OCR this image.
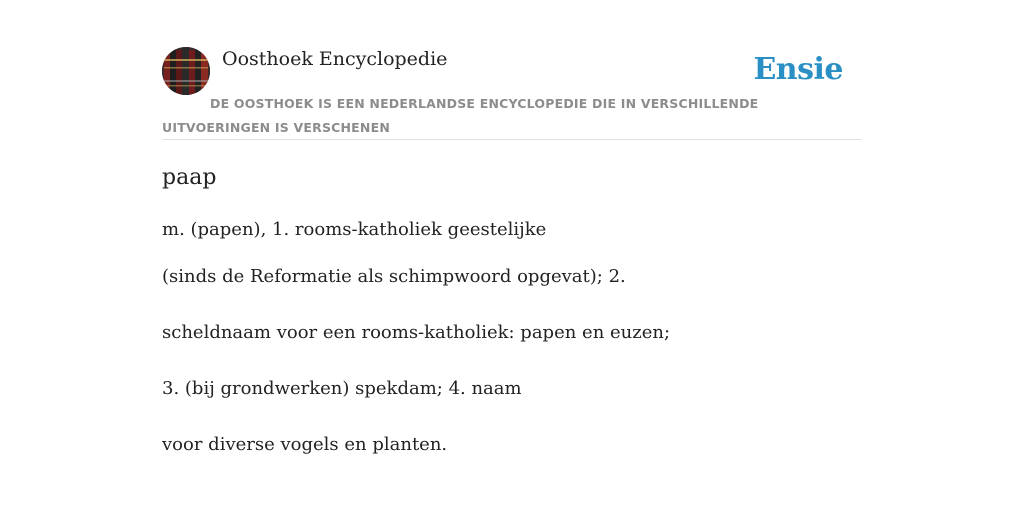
Oosthoek Encyclopedie	Ensie
DE OOSTHOEK IS EEN NEDERLANDSE ENCYCLOPEDIE DIE IN VERSCHILLENDE UITVOERINGEN IS VERSCHENEN
paap
m. (papen), 1. rooms-katholiek geestelijke
(sinds de Reformatie als schimpwoord opgevat); 2.
scheldnaam voor een rooms-katholiek: papen en euzen;
3. (bij grondwerken) spekdam; 4. naam
voor diverse vogels en planten.
